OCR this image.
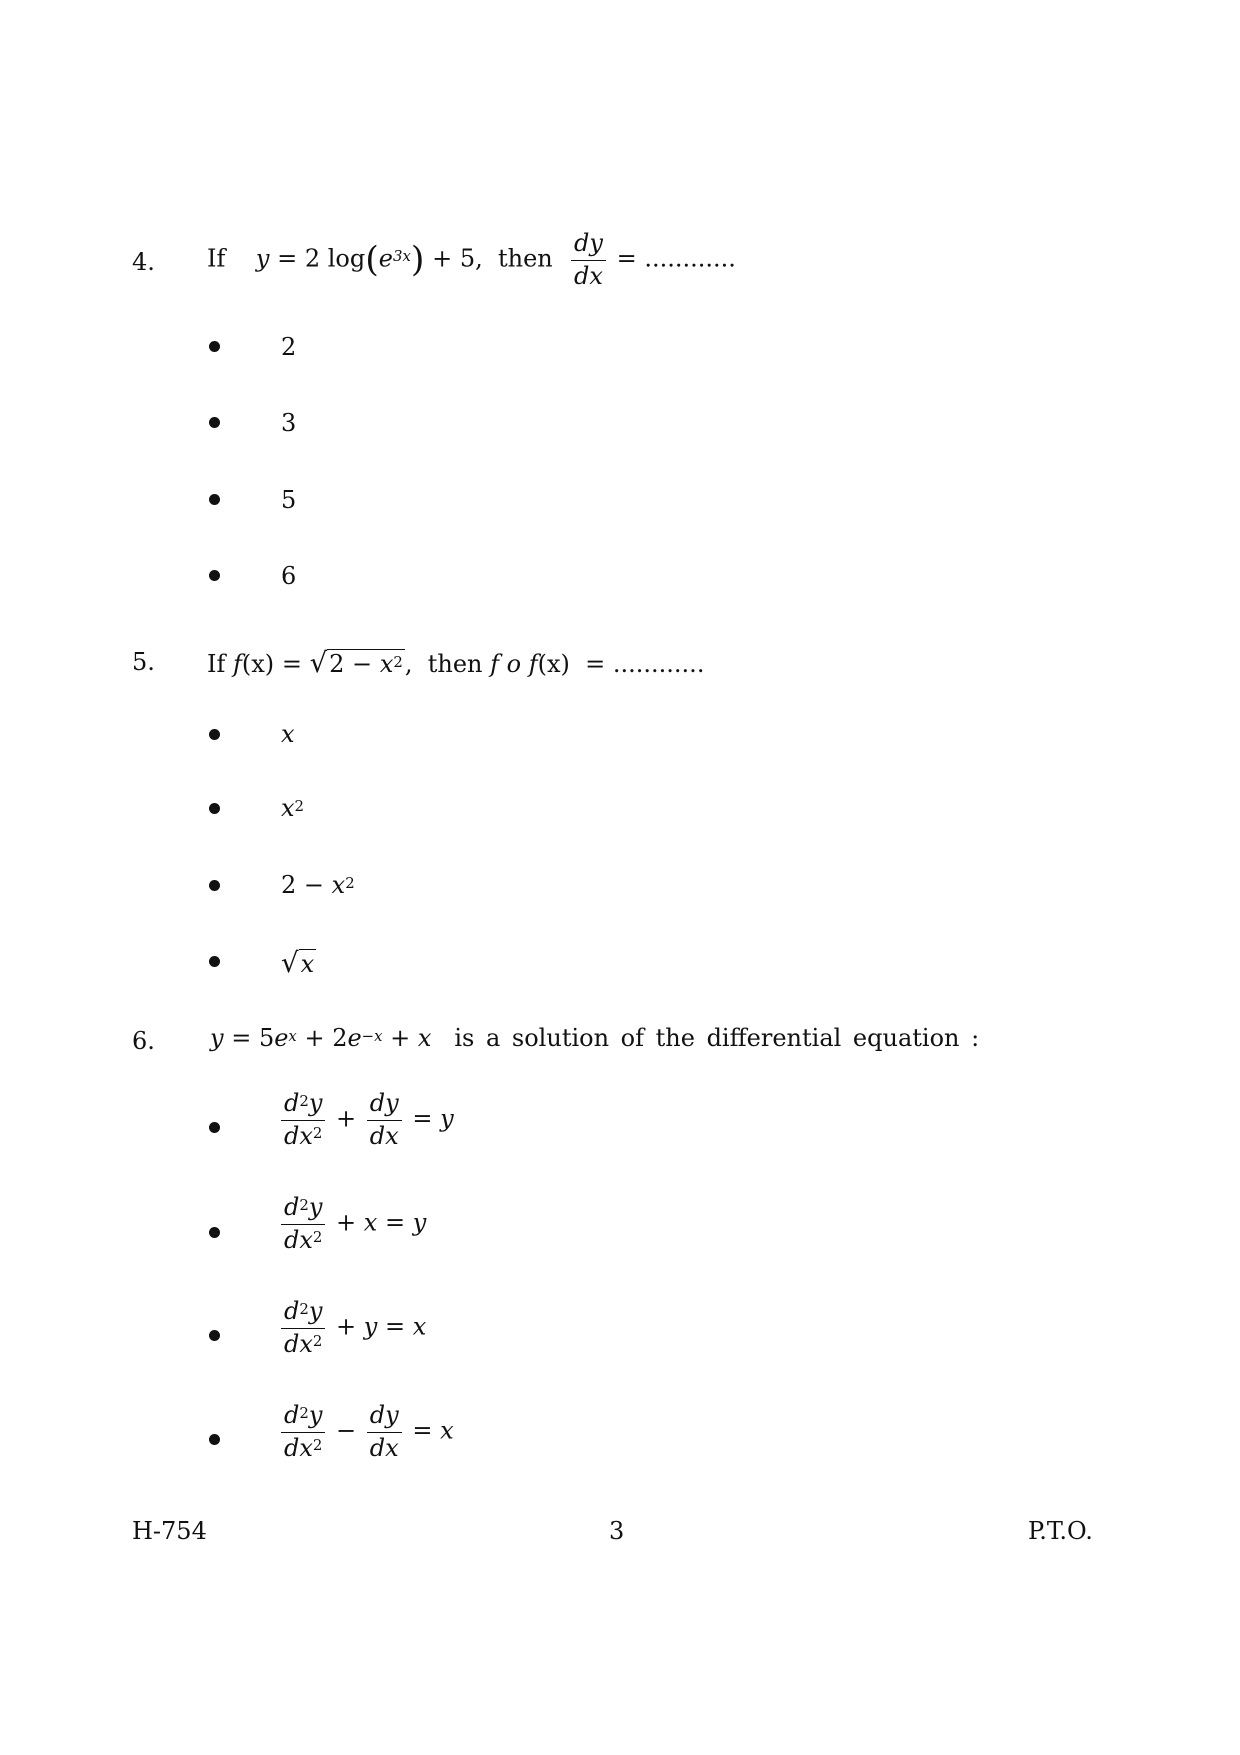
4. If y = 2 $\log(e^{3x}) + 5$, then $\frac{dy}{dx}$ = ............
2
3
5
6
5. If $f(x) = √2 - x^2$, then f o f(x) = ............
x
$x^2$
$2 - x^2$
√x
6. $y = 5e^x + 2e^{-x} + x$ is a solution of the differential equation :
$\frac{d^2y}{dx^2} + \frac{dy}{dx} = y$
$\frac{d^2y}{dx^2} + x = y$
$\frac{d^2y}{dx^2} + y = x$
$\frac{d^2y}{dx^2} - \frac{dy}{dx} = x$
H-754	3	P.T.O.
